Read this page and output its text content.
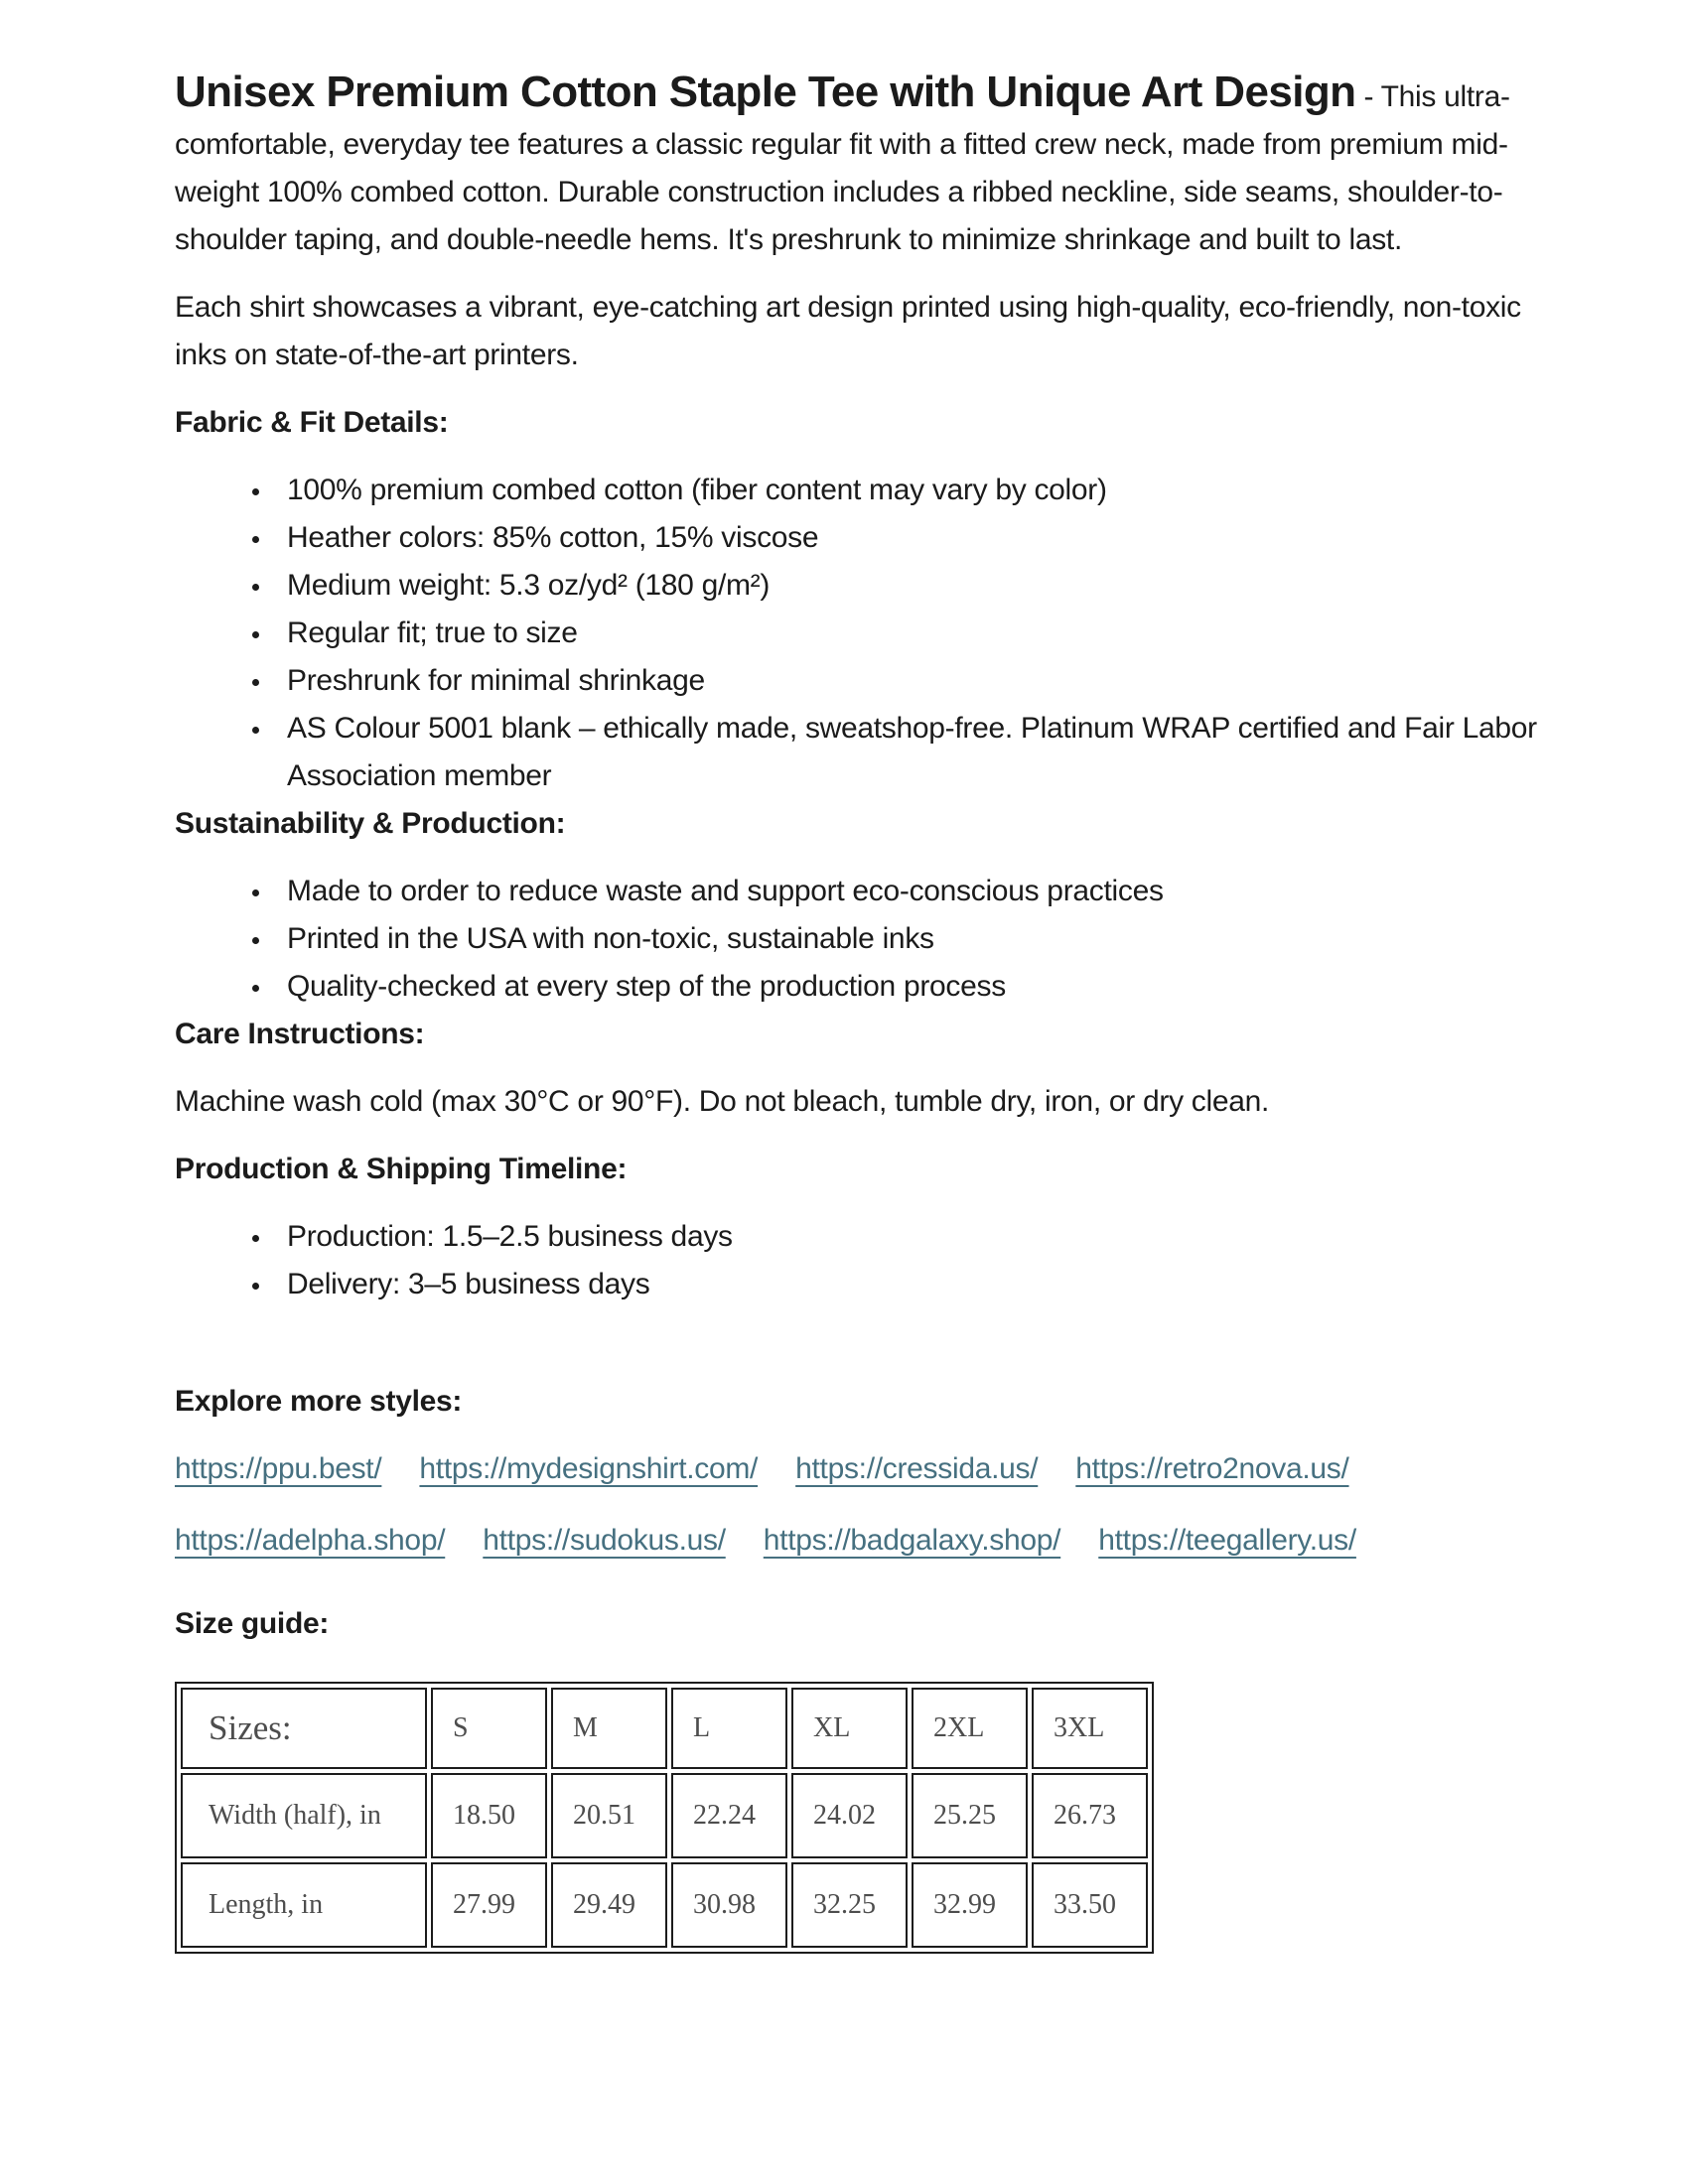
Unisex Premium Cotton Staple Tee with Unique Art Design - This ultra-comfortable, everyday tee features a classic regular fit with a fitted crew neck, made from premium mid-weight 100% combed cotton. Durable construction includes a ribbed neckline, side seams, shoulder-to-shoulder taping, and double-needle hems. It's preshrunk to minimize shrinkage and built to last.

Each shirt showcases a vibrant, eye-catching art design printed using high-quality, eco-friendly, non-toxic inks on state-of-the-art printers.

Fabric & Fit Details:

• 100% premium combed cotton (fiber content may vary by color)
• Heather colors: 85% cotton, 15% viscose
• Medium weight: 5.3 oz/yd² (180 g/m²)
• Regular fit; true to size
• Preshrunk for minimal shrinkage
• AS Colour 5001 blank – ethically made, sweatshop-free. Platinum WRAP certified and Fair Labor Association member

Sustainability & Production:

• Made to order to reduce waste and support eco-conscious practices
• Printed in the USA with non-toxic, sustainable inks
• Quality-checked at every step of the production process

Care Instructions:

Machine wash cold (max 30°C or 90°F). Do not bleach, tumble dry, iron, or dry clean.

Production & Shipping Timeline:

• Production: 1.5–2.5 business days
• Delivery: 3–5 business days

Explore more styles:

https://ppu.best/ https://mydesignshirt.com/ https://cressida.us/ https://retro2nova.us/

https://adelpha.shop/ https://sudokus.us/ https://badgalaxy.shop/ https://teegallery.us/

Size guide:

Sizes:	S	M	L	XL	2XL	3XL
Width (half), in	18.50	20.51	22.24	24.02	25.25	26.73
Length, in	27.99	29.49	30.98	32.25	32.99	33.50
